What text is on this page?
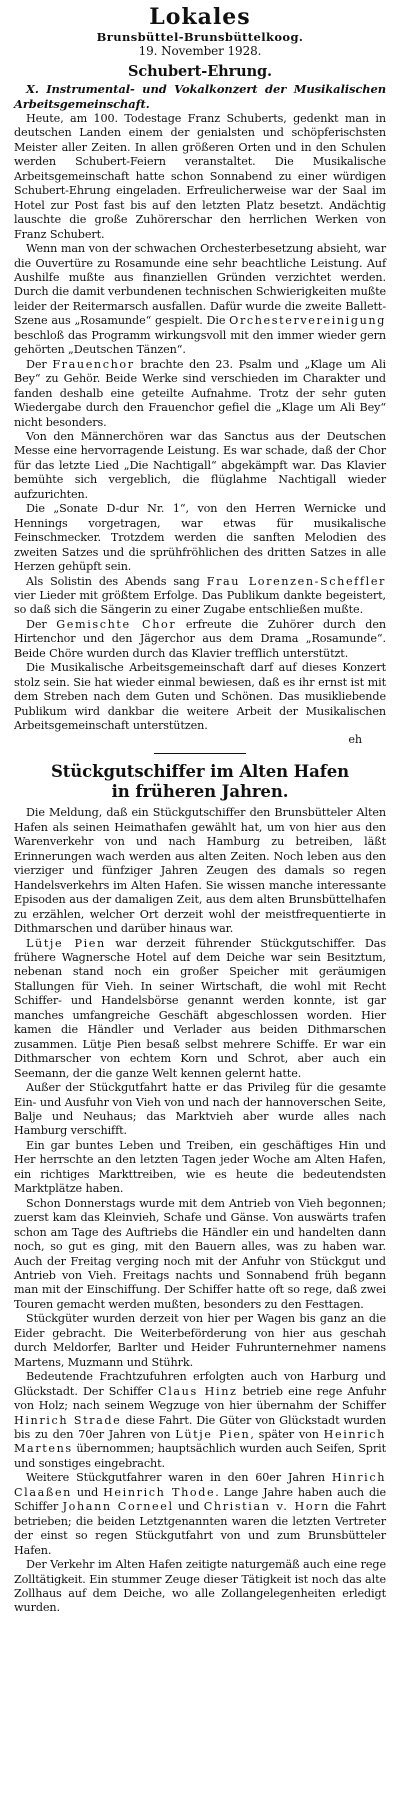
Lokales
Brunsbüttel-Brunsbüttelkoog.
19. November 1928.
Schubert-Ehrung.
X. Instrumental- und Vokalkonzert der Musikalischen Arbeitsgemeinschaft.

Heute, am 100. Todestage Franz Schuberts, gedenkt man in deutschen Landen einem der genialsten und schöpferischsten Meister aller Zeiten. In allen größeren Orten und in den Schulen werden Schubert-Feiern veranstaltet. Die Musikalische Arbeitsgemeinschaft hatte schon Sonnabend zu einer würdigen Schubert-Ehrung eingeladen. Erfreulicherweise war der Saal im Hotel zur Post fast bis auf den letzten Platz besetzt. Andächtig lauschte die große Zuhörerschar den herrlichen Werken von Franz Schubert.

Wenn man von der schwachen Orchesterbesetzung absieht, war die Ouvertüre zu Rosamunde eine sehr beachtliche Leistung. Auf Aushilfe mußte aus finanziellen Gründen verzichtet werden. Durch die damit verbundenen technischen Schwierigkeiten mußte leider der Reitermarsch ausfallen. Dafür wurde die zweite Ballett-Szene aus „Rosamunde“ gespielt. Die Orchestervereinigung beschloß das Programm wirkungsvoll mit den immer wieder gern gehörten „Deutschen Tänzen“.

Der Frauenchor brachte den 23. Psalm und „Klage um Ali Bey“ zu Gehör. Beide Werke sind verschieden im Charakter und fanden deshalb eine geteilte Aufnahme. Trotz der sehr guten Wiedergabe durch den Frauenchor gefiel die „Klage um Ali Bey“ nicht besonders.

Von den Männerchören war das Sanctus aus der Deutschen Messe eine hervorragende Leistung. Es war schade, daß der Chor für das letzte Lied „Die Nachtigall“ abgekämpft war. Das Klavier bemühte sich vergeblich, die flüglahme Nachtigall wieder aufzurichten.

Die „Sonate D-dur Nr. 1“, von den Herren Wernicke und Hennings vorgetragen, war etwas für musikalische Feinschmecker. Trotzdem werden die sanften Melodien des zweiten Satzes und die sprühfröhlichen des dritten Satzes in alle Herzen gehüpft sein.

Als Solistin des Abends sang Frau Lorenzen-Scheffler vier Lieder mit größtem Erfolge. Das Publikum dankte begeistert, so daß sich die Sängerin zu einer Zugabe entschließen mußte.

Der Gemischte Chor erfreute die Zuhörer durch den Hirtenchor und den Jägerchor aus dem Drama „Rosamunde“. Beide Chöre wurden durch das Klavier trefflich unterstützt.

Die Musikalische Arbeitsgemeinschaft darf auf dieses Konzert stolz sein. Sie hat wieder einmal bewiesen, daß es ihr ernst ist mit dem Streben nach dem Guten und Schönen. Das musikliebende Publikum wird dankbar die weitere Arbeit der Musikalischen Arbeitsgemeinschaft unterstützen.

eh
Stückgutschiffer im Alten Hafen
in früheren Jahren.

Die Meldung, daß ein Stückgutschiffer den Brunsbütteler Alten Hafen als seinen Heimathafen gewählt hat, um von hier aus den Warenverkehr von und nach Hamburg zu betreiben, läßt Erinnerungen wach werden aus alten Zeiten. Noch leben aus den vierziger und fünfziger Jahren Zeugen des damals so regen Handelsverkehrs im Alten Hafen. Sie wissen manche interessante Episoden aus der damaligen Zeit, aus dem alten Brunsbüttelhafen zu erzählen, welcher Ort derzeit wohl der meistfrequentierte in Dithmarschen und darüber hinaus war.

Lütje Pien war derzeit führender Stückgutschiffer. Das frühere Wagnersche Hotel auf dem Deiche war sein Besitztum, nebenan stand noch ein großer Speicher mit geräumigen Stallungen für Vieh. In seiner Wirtschaft, die wohl mit Recht Schiffer- und Handelsbörse genannt werden konnte, ist gar manches umfangreiche Geschäft abgeschlossen worden. Hier kamen die Händler und Verlader aus beiden Dithmarschen zusammen. Lütje Pien besaß selbst mehrere Schiffe. Er war ein Dithmarscher von echtem Korn und Schrot, aber auch ein Seemann, der die ganze Welt kennen gelernt hatte.

Außer der Stückgutfahrt hatte er das Privileg für die gesamte Ein- und Ausfuhr von Vieh von und nach der hannoverschen Seite, Balje und Neuhaus; das Marktvieh aber wurde alles nach Hamburg verschifft.

Ein gar buntes Leben und Treiben, ein geschäftiges Hin und Her herrschte an den letzten Tagen jeder Woche am Alten Hafen, ein richtiges Markttreiben, wie es heute die bedeutendsten Marktplätze haben.

Schon Donnerstags wurde mit dem Antrieb von Vieh begonnen; zuerst kam das Kleinvieh, Schafe und Gänse. Von auswärts trafen schon am Tage des Auftriebs die Händler ein und handelten dann noch, so gut es ging, mit den Bauern alles, was zu haben war. Auch der Freitag verging noch mit der Anfuhr von Stückgut und Antrieb von Vieh. Freitags nachts und Sonnabend früh begann man mit der Einschiffung. Der Schiffer hatte oft so rege, daß zwei Touren gemacht werden mußten, besonders zu den Festtagen.

Stückgüter wurden derzeit von hier per Wagen bis ganz an die Eider gebracht. Die Weiterbeförderung von hier aus geschah durch Meldorfer, Barlter und Heider Fuhrunternehmer namens Martens, Muzmann und Stührk.

Bedeutende Frachtzufuhren erfolgten auch von Harburg und Glückstadt. Der Schiffer Claus Hinz betrieb eine rege Anfuhr von Holz; nach seinem Wegzuge von hier übernahm der Schiffer Hinrich Strade diese Fahrt. Die Güter von Glückstadt wurden bis zu den 70er Jahren von Lütje Pien, später von Heinrich Martens übernommen; hauptsächlich wurden auch Seifen, Sprit und sonstiges eingebracht.

Weitere Stückgutfahrer waren in den 60er Jahren Hinrich Claaßen und Heinrich Thode. Lange Jahre haben auch die Schiffer Johann Corneel und Christian v. Horn die Fahrt betrieben; die beiden Letztgenannten waren die letzten Vertreter der einst so regen Stückgutfahrt von und zum Brunsbütteler Hafen.

Der Verkehr im Alten Hafen zeitigte naturgemäß auch eine rege Zolltätigkeit. Ein stummer Zeuge dieser Tätigkeit ist noch das alte Zollhaus auf dem Deiche, wo alle Zollangelegenheiten erledigt wurden.
